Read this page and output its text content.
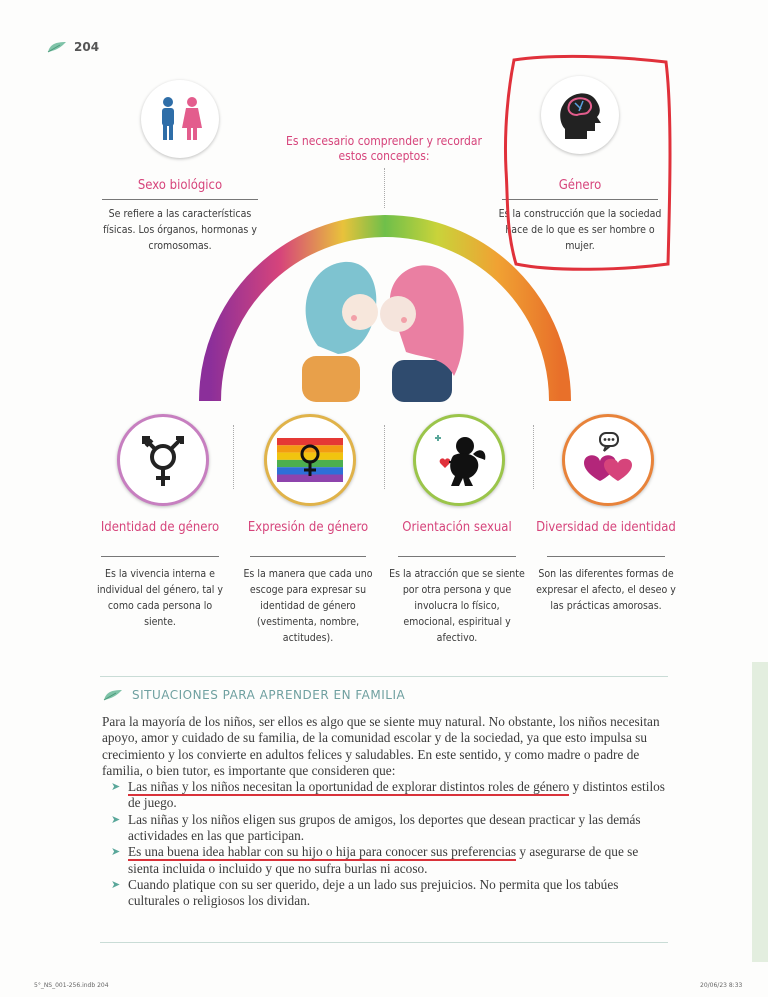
204
Es necesario comprender y recordar estos conceptos:
Sexo biológico
Se refiere a las características físicas. Los órganos, hormonas y cromosomas.
Género
Es la construcción que la sociedad hace de lo que es ser hombre o mujer.
Identidad de género
Es la vivencia interna e individual del género, tal y como cada persona lo siente.
Expresión de género
Es la manera que cada uno escoge para expresar su identidad de género (vestimenta, nombre, actitudes).
Orientación sexual
Es la atracción que se siente por otra persona y que involucra lo físico, emocional, espiritual y afectivo.
Diversidad de identidad
Son las diferentes formas de expresar el afecto, el deseo y las prácticas amorosas.
SITUACIONES PARA APRENDER EN FAMILIA
Para la mayoría de los niños, ser ellos es algo que se siente muy natural. No obstante, los niños necesitan apoyo, amor y cuidado de su familia, de la comunidad escolar y de la sociedad, ya que esto impulsa su crecimiento y los convierte en adultos felices y saludables. En este sentido, y como madre o padre de familia, o bien tutor, es importante que consideren que:
➤ Las niñas y los niños necesitan la oportunidad de explorar distintos roles de género y distintos estilos de juego.
➤ Las niñas y los niños eligen sus grupos de amigos, los deportes que desean practicar y las demás actividades en las que participan.
➤ Es una buena idea hablar con su hijo o hija para conocer sus preferencias y asegurarse de que se sienta incluida o incluido y que no sufra burlas ni acoso.
➤ Cuando platique con su ser querido, deje a un lado sus prejuicios. No permita que los tabúes culturales o religiosos los dividan.
5°_NS_001-256.indb 204	20/06/23 8:33
